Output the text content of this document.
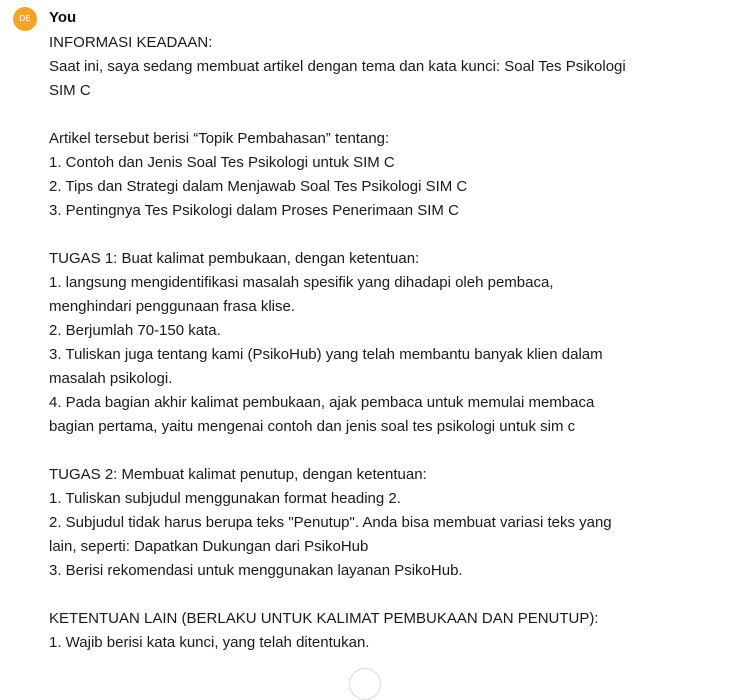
DE	You
INFORMASI KEADAAN:
Saat ini, saya sedang membuat artikel dengan tema dan kata kunci: Soal Tes Psikologi
SIM C
Artikel tersebut berisi “Topik Pembahasan” tentang:
1. Contoh dan Jenis Soal Tes Psikologi untuk SIM C
2. Tips dan Strategi dalam Menjawab Soal Tes Psikologi SIM C
3. Pentingnya Tes Psikologi dalam Proses Penerimaan SIM C
TUGAS 1: Buat kalimat pembukaan, dengan ketentuan:
1. langsung mengidentifikasi masalah spesifik yang dihadapi oleh pembaca,
menghindari penggunaan frasa klise.
2. Berjumlah 70-150 kata.
3. Tuliskan juga tentang kami (PsikoHub) yang telah membantu banyak klien dalam
masalah psikologi.
4. Pada bagian akhir kalimat pembukaan, ajak pembaca untuk memulai membaca
bagian pertama, yaitu mengenai contoh dan jenis soal tes psikologi untuk sim c
TUGAS 2: Membuat kalimat penutup, dengan ketentuan:
1. Tuliskan subjudul menggunakan format heading 2.
2. Subjudul tidak harus berupa teks "Penutup". Anda bisa membuat variasi teks yang
lain, seperti: Dapatkan Dukungan dari PsikoHub
3. Berisi rekomendasi untuk menggunakan layanan PsikoHub.
KETENTUAN LAIN (BERLAKU UNTUK KALIMAT PEMBUKAAN DAN PENUTUP):
1. Wajib berisi kata kunci, yang telah ditentukan.
